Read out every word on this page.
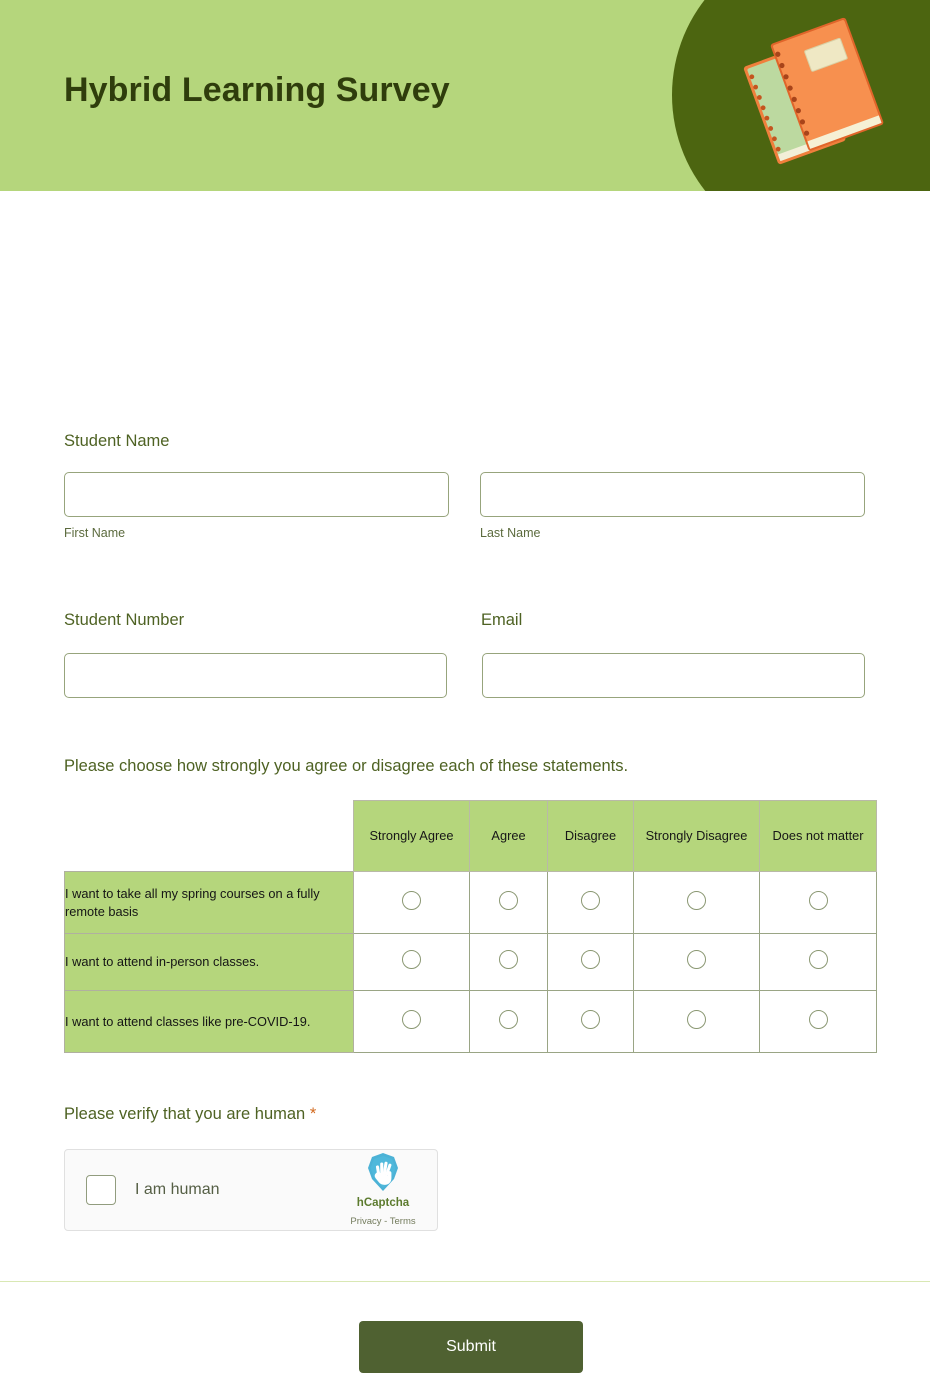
Hybrid Learning Survey
Student Name
First Name	Last Name
Student Number	Email
Please choose how strongly you agree or disagree each of these statements.
	Strongly Agree	Agree	Disagree	Strongly Disagree	Does not matter
I want to take all my spring courses on a fully remote basis					
I want to attend in-person classes.					
I want to attend classes like pre-COVID-19.					
Please verify that you are human *
I am human
hCaptcha Privacy - Terms
Submit
